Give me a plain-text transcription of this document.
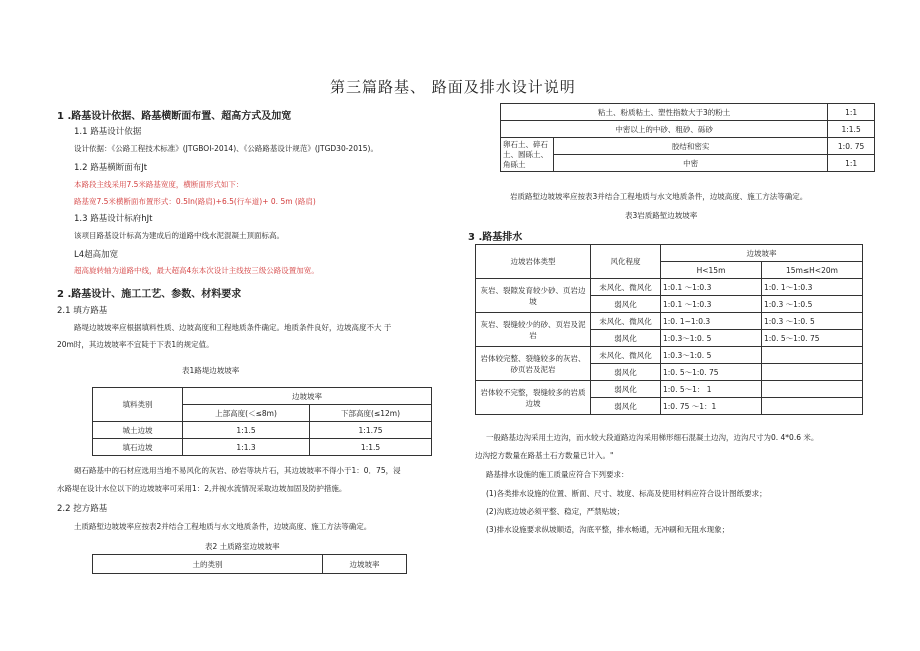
第三篇路基、 路面及排水设计说明
1 .路基设计依据、路基横断面布置、超高方式及加宽
1.1 路基设计依据
设计依据：《公路工程技术标准》(JTGBOI-2014)、《公路路基设计规范》(JTGD30-2015)。
1.2 路基横断面布Jt
本路段主线采用7.5米路基宽度，横断面形式如下：
路基宽7.5米横断面布置形式：0.5In(路肩)+6.5(行车道)+ 0. 5m (路肩)
1.3 路基设计标府hJt
该项目路基设计标高为建成后的道路中线水泥混凝土顶面标高。
L4超高加宽
超高旋转轴为道路中线，最大超高4东本次设计主线按三级公路设置加宽。
2 .路基设计、施工工艺、参数、材料要求
2.1 填方路基
路堤边坡坡率应根据填料性质、边坡高度和工程地质条件确定。地质条件良好，边坡高度不大 于
20m时，其边坡坡率不宜陡于下表1的规定值。
表1路堤边坡坡率
填料类别	边坡坡率	
	上部高度(＜≤8m)	下部高度(≤12m)
城土边坡	1:1.5	1:1.75
填石边坡	1:1.3	1:1.5
砌石路基中的石材应选用当地不易风化的灰岩、砂岩等块片石，其边坡坡率不得小于1：0．75，浸
水路堤在设计水位以下的边坡坡率可采用1：2,并视水流情况采取边坡加固及防护措施。
2.2 挖方路基
土质路堑边坡坡率应按表2并结合工程地质与水文地质条件，边坡高度、施工方法等确定。
表2 土质路室边坡坡率
土的类别	边坡坡率
粘土、粉质粘土、塑性指数大于3的粉土		1:1
中密以上的中砂、粗砂、砾砂		1:1.5
卵石土、碎石土、圆砾土、角砾土	胶结和密实	1:0. 75
	中密	1:1
岩质路堑边坡坡率应按表3并结合工程地质与水文地质条件，边坡高度、施工方法等确定。
表3岩质路堑边坡坡率
3 .路基排水
边坡岩体类型	风化程度	边坡坡率	
		H<15m	15m≤H<20m
灰岩、裂隙发育较少砂、页岩边坡	未风化、微风化	1:0.1 ～1:0.3	1:0. 1～1:0.3
	弱风化	1:0.1 ～1:0.3	1:0.3 ～1:0.5
灰岩、裂缝较少的砂、页岩及泥岩	未风化、微风化	1:0. 1~1:0.3	1:0.3 ～1:0. 5
	弱风化	1:0.3～1:0. 5	1:0. 5～1:0. 75
岩体较完整、裂缝较多的灰岩、砂页岩及泥岩	未风化、微风化	1:0.3～1:0. 5	
	弱风化	1:0. 5～1:0. 75	
岩体较不完整，裂缝较多的岩质边坡	弱风化	1:0. 5～1： 1	
	弱风化	1:0. 75 ～1：1	
一般路基边沟采用土边沟，而水较大段道路边沟采用梯形细石混凝土边沟，边沟尺寸为0. 4*0.6 米。
边沟挖方数量在路基土石方数量已计入。"
路基排水设施的施工质量应符合下列要求：
(1)各类排水设施的位置、断面、尺寸、坡度、标高及使用材料应符合设计图纸要求；
(2)沟底边坡必须平整、稳定，严禁贴坡；
(3)排水设施要求纵坡顺适，沟底平整，排水畅通，无冲刷和无阻水现象；
